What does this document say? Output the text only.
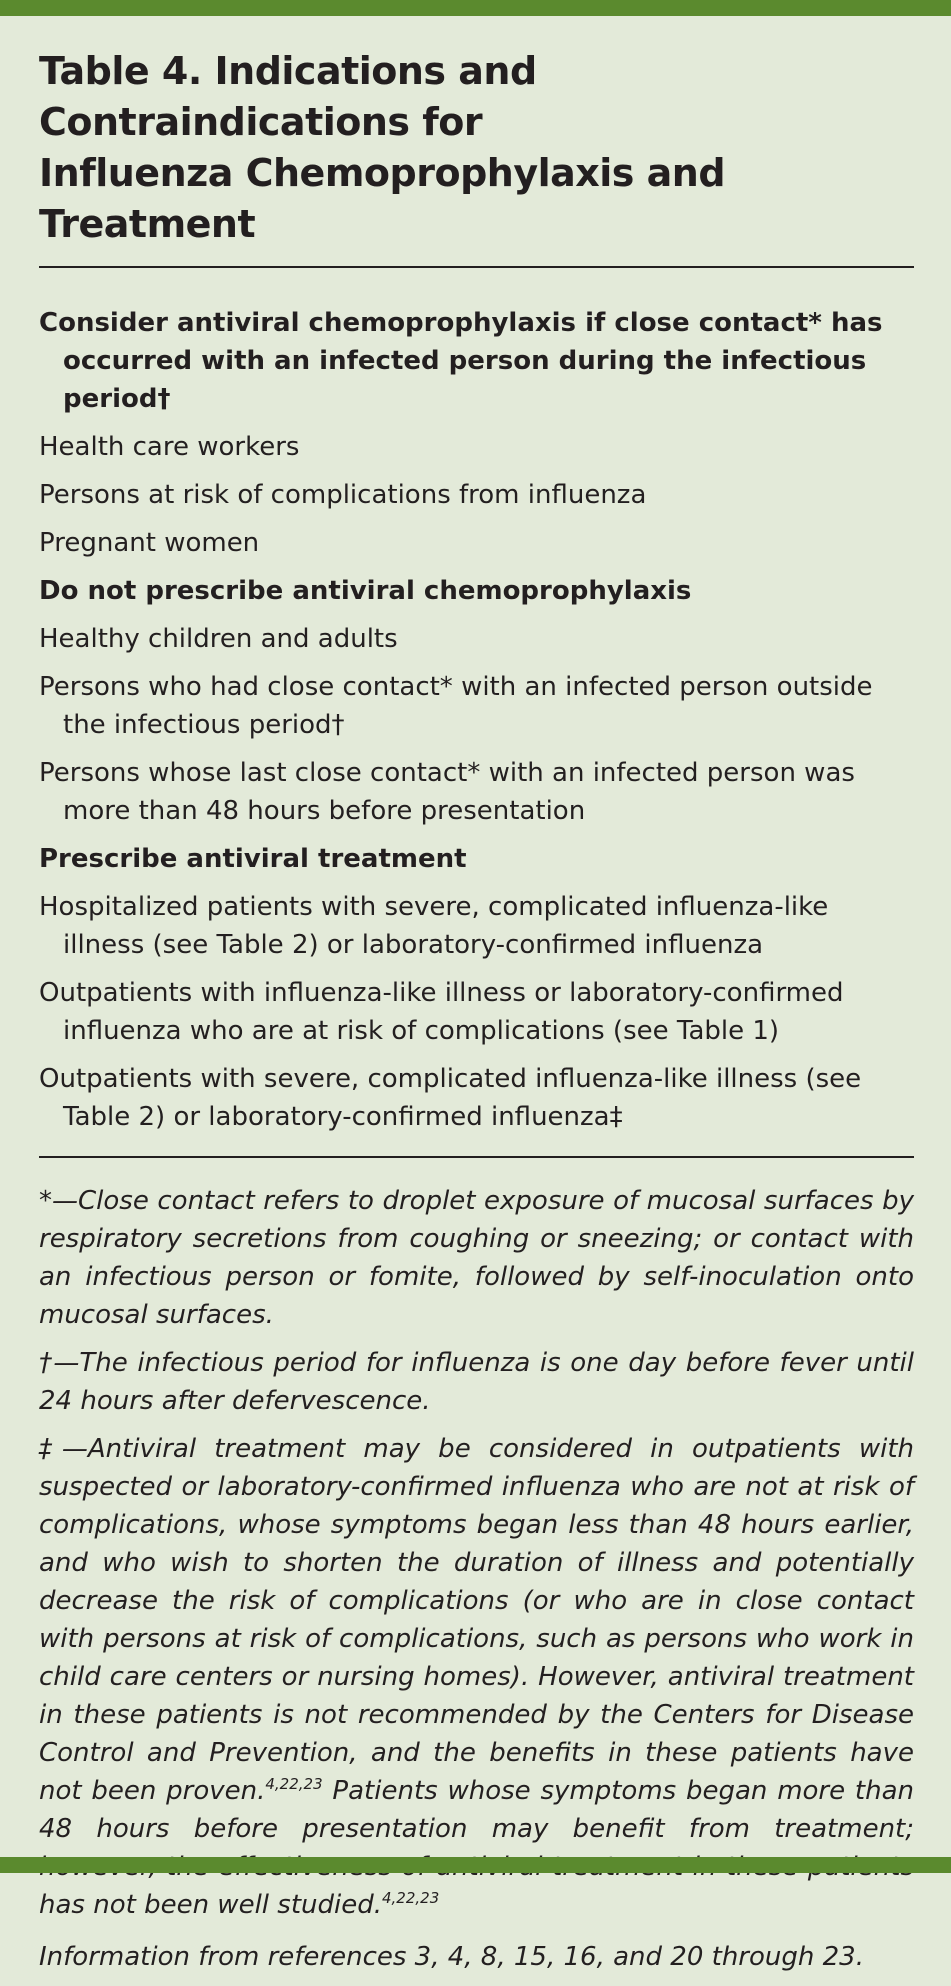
Table 4. Indications and Contraindications for
Influenza Chemoprophylaxis and Treatment
Consider antiviral chemoprophylaxis if close contact* has occurred with an infected person during the infectious period†
Health care workers
Persons at risk of complications from influenza
Pregnant women
Do not prescribe antiviral chemoprophylaxis
Healthy children and adults
Persons who had close contact* with an infected person outside the infectious period†
Persons whose last close contact* with an infected person was more than 48 hours before presentation
Prescribe antiviral treatment
Hospitalized patients with severe, complicated influenza-like illness (see Table 2) or laboratory-confirmed influenza
Outpatients with influenza-like illness or laboratory-confirmed influenza who are at risk of complications (see Table 1)
Outpatients with severe, complicated influenza-like illness (see Table 2) or laboratory-confirmed influenza‡

*—Close contact refers to droplet exposure of mucosal surfaces by respiratory secretions from coughing or sneezing; or contact with an infectious person or fomite, followed by self-inoculation onto mucosal surfaces.

†—The infectious period for influenza is one day before fever until 24 hours after defervescence.

‡—Antiviral treatment may be considered in outpatients with suspected or laboratory-confirmed influenza who are not at risk of complications, whose symptoms began less than 48 hours earlier, and who wish to shorten the duration of illness and potentially decrease the risk of complications (or who are in close contact with persons at risk of complications, such as persons who work in child care centers or nursing homes). However, antiviral treatment in these patients is not recommended by the Centers for Disease Control and Prevention, and the benefits in these patients have not been proven.$^{4,22,23}$ Patients whose symptoms began more than 48 hours before presentation may benefit from treatment; has not been well studied.$^{4,22,23}$

Information from references 3, 4, 8, 15, 16, and 20 through 23.
